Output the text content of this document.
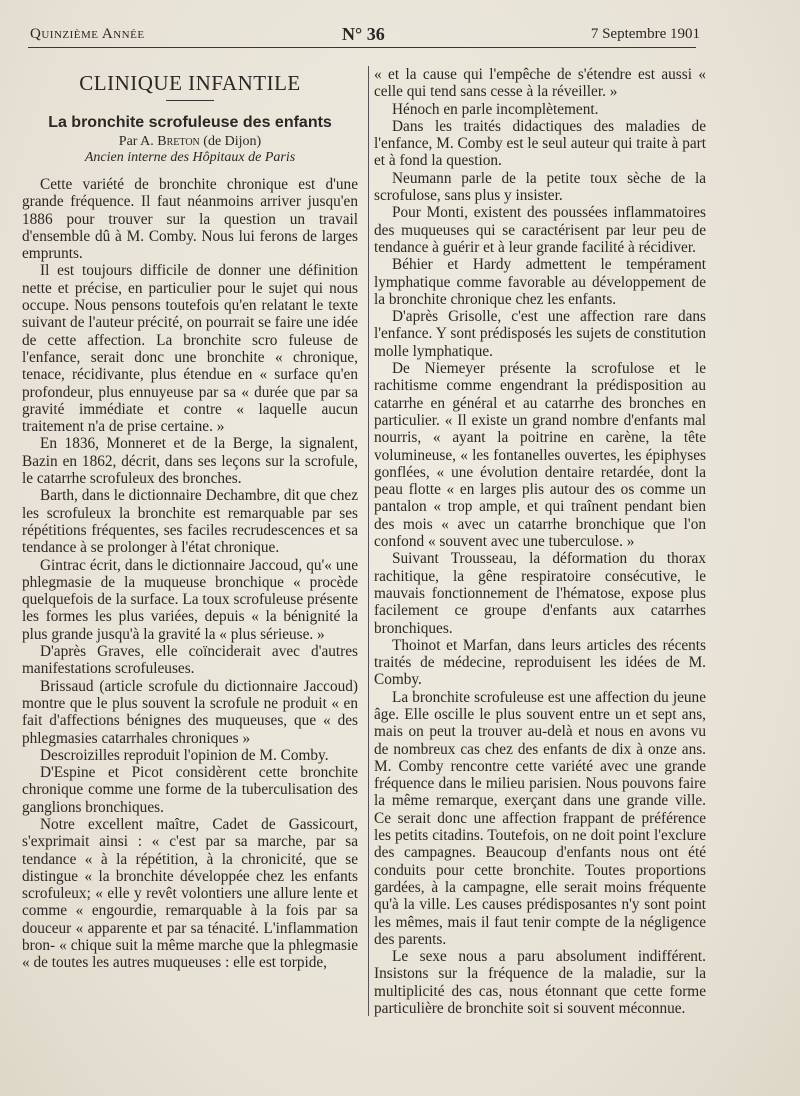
Quinzième Année	N° 36	7 Septembre 1901
CLINIQUE INFANTILE
La bronchite scrofuleuse des enfants
Par A. Breton (de Dijon)
Ancien interne des Hôpitaux de Paris

Cette variété de bronchite chronique est d'une grande fréquence. Il faut néanmoins arriver jusqu'en 1886 pour trouver sur la question un travail d'ensemble dû à M. Comby. Nous lui ferons de larges emprunts.

Il est toujours difficile de donner une définition nette et précise, en particulier pour le sujet qui nous occupe. Nous pensons toutefois qu'en relatant le texte suivant de l'auteur précité, on pourrait se faire une idée de cette affection. La bronchite scro fuleuse de l'enfance, serait donc une bronchite « chronique, tenace, récidivante, plus étendue en « surface qu'en profondeur, plus ennuyeuse par sa « durée que par sa gravité immédiate et contre « laquelle aucun traitement n'a de prise certaine. »

En 1836, Monneret et de la Berge, la signalent, Bazin en 1862, décrit, dans ses leçons sur la scrofule, le catarrhe scrofuleux des bronches.

Barth, dans le dictionnaire Dechambre, dit que chez les scrofuleux la bronchite est remarquable par ses répétitions fréquentes, ses faciles recrudescences et sa tendance à se prolonger à l'état chronique.

Gintrac écrit, dans le dictionnaire Jaccoud, qu'« une phlegmasie de la muqueuse bronchique « procède quelquefois de la surface. La toux scrofuleuse présente les formes les plus variées, depuis « la bénignité la plus grande jusqu'à la gravité la « plus sérieuse. »

D'après Graves, elle coïnciderait avec d'autres manifestations scrofuleuses.

Brissaud (article scrofule du dictionnaire Jaccoud) montre que le plus souvent la scrofule ne produit « en fait d'affections bénignes des muqueuses, que « des phlegmasies catarrhales chroniques »

Descroizilles reproduit l'opinion de M. Comby.

D'Espine et Picot considèrent cette bronchite chronique comme une forme de la tuberculisation des ganglions bronchiques.

Notre excellent maître, Cadet de Gassicourt, s'exprimait ainsi : « c'est par sa marche, par sa tendance « à la répétition, à la chronicité, que se distingue « la bronchite développée chez les enfants scrofuleux; « elle y revêt volontiers une allure lente et comme « engourdie, remarquable à la fois par sa douceur « apparente et par sa ténacité. L'inflammation bron- « chique suit la même marche que la phlegmasie « de toutes les autres muqueuses : elle est torpide,

« et la cause qui l'empêche de s'étendre est aussi « celle qui tend sans cesse à la réveiller. »

Hénoch en parle incomplètement.

Dans les traités didactiques des maladies de l'enfance, M. Comby est le seul auteur qui traite à part et à fond la question.

Neumann parle de la petite toux sèche de la scrofulose, sans plus y insister.

Pour Monti, existent des poussées inflammatoires des muqueuses qui se caractérisent par leur peu de tendance à guérir et à leur grande facilité à récidiver.

Béhier et Hardy admettent le tempérament lymphatique comme favorable au développement de la bronchite chronique chez les enfants.

D'après Grisolle, c'est une affection rare dans l'enfance. Y sont prédisposés les sujets de constitution molle lymphatique.

De Niemeyer présente la scrofulose et le rachitisme comme engendrant la prédisposition au catarrhe en général et au catarrhe des bronches en particulier. « Il existe un grand nombre d'enfants mal nourris, « ayant la poitrine en carène, la tête volumineuse, « les fontanelles ouvertes, les épiphyses gonflées, « une évolution dentaire retardée, dont la peau flotte « en larges plis autour des os comme un pantalon « trop ample, et qui traînent pendant bien des mois « avec un catarrhe bronchique que l'on confond « souvent avec une tuberculose. »

Suivant Trousseau, la déformation du thorax rachitique, la gêne respiratoire consécutive, le mauvais fonctionnement de l'hématose, expose plus facilement ce groupe d'enfants aux catarrhes bronchiques.

Thoinot et Marfan, dans leurs articles des récents traités de médecine, reproduisent les idées de M. Comby.

La bronchite scrofuleuse est une affection du jeune âge. Elle oscille le plus souvent entre un et sept ans, mais on peut la trouver au-delà et nous en avons vu de nombreux cas chez des enfants de dix à onze ans. M. Comby rencontre cette variété avec une grande fréquence dans le milieu parisien. Nous pouvons faire la même remarque, exerçant dans une grande ville. Ce serait donc une affection frappant de préférence les petits citadins. Toutefois, on ne doit point l'exclure des campagnes. Beaucoup d'enfants nous ont été conduits pour cette bronchite. Toutes proportions gardées, à la campagne, elle serait moins fréquente qu'à la ville. Les causes prédisposantes n'y sont point les mêmes, mais il faut tenir compte de la négligence des parents.

Le sexe nous a paru absolument indifférent. Insistons sur la fréquence de la maladie, sur la multiplicité des cas, nous étonnant que cette forme particulière de bronchite soit si souvent méconnue.
